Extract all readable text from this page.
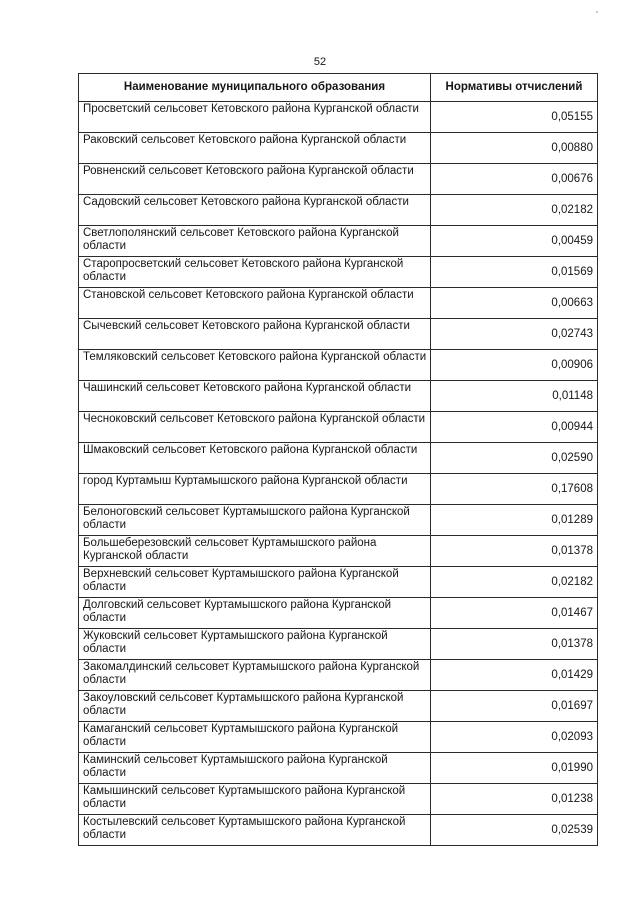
52
Наименование муниципального образования	Нормативы отчислений
Просветский сельсовет Кетовского района Курганской области	0,05155
Раковский сельсовет Кетовского района Курганской области	0,00880
Ровненский сельсовет Кетовского района Курганской области	0,00676
Садовский сельсовет Кетовского района Курганской области	0,02182
Светлополянский сельсовет Кетовского района Курганской области	0,00459
Старопросветский сельсовет Кетовского района Курганской области	0,01569
Становской сельсовет Кетовского района Курганской области	0,00663
Сычевский сельсовет Кетовского района Курганской области	0,02743
Темляковский сельсовет Кетовского района Курганской области	0,00906
Чашинский сельсовет Кетовского района Курганской области	0,01148
Чесноковский сельсовет Кетовского района Курганской области	0,00944
Шмаковский сельсовет Кетовского района Курганской области	0,02590
город Куртамыш Куртамышского района Курганской области	0,17608
Белоноговский сельсовет Куртамышского района Курганской области	0,01289
Большеберезовский сельсовет Куртамышского района Курганской области	0,01378
Верхневский сельсовет Куртамышского района Курганской области	0,02182
Долговский сельсовет Куртамышского района Курганской области	0,01467
Жуковский сельсовет Куртамышского района Курганской области	0,01378
Закомалдинский сельсовет Куртамышского района Курганской области	0,01429
Закоуловский сельсовет Куртамышского района Курганской области	0,01697
Камаганский сельсовет Куртамышского района Курганской области	0,02093
Каминский сельсовет Куртамышского района Курганской области	0,01990
Камышинский сельсовет Куртамышского района Курганской области	0,01238
Костылевский сельсовет Куртамышского района Курганской области	0,02539
